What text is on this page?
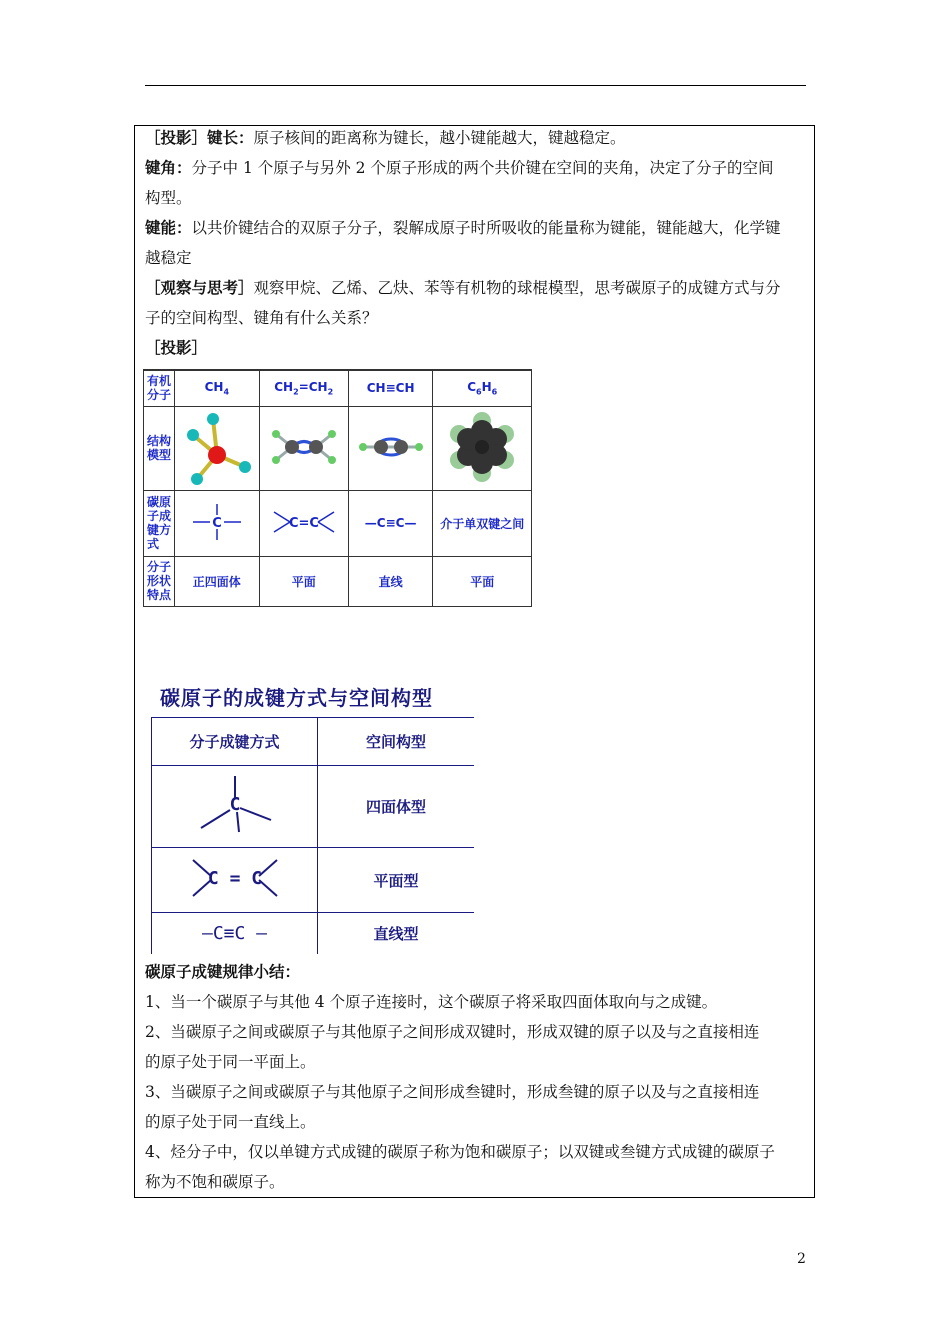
［投影］键长：原子核间的距离称为键长，越小键能越大，键越稳定。
键角：分子中 1 个原子与另外 2 个原子形成的两个共价键在空间的夹角，决定了分子的空间
构型。
键能：以共价键结合的双原子分子，裂解成原子时所吸收的能量称为键能，键能越大，化学键
越稳定
［观察与思考］观察甲烷、乙烯、乙炔、苯等有机物的球棍模型，思考碳原子的成键方式与分
子的空间构型、键角有什么关系？
［投影］
有机分子	$CH_4$	$CH_2=CH_2$	CH≡CH	$C_6H_6$
结构模型				
碳原子成键方式	C	C=C	—C≡C—	介于单双键之间
分子形状特点	正四面体	平面	直线	平面
碳原子的成键方式与空间构型
分子成键方式	空间构型

C	四面体型

C = C	平面型
—C≡C —	直线型
碳原子成键规律小结：
1、当一个碳原子与其他 4 个原子连接时，这个碳原子将采取四面体取向与之成键。
2、当碳原子之间或碳原子与其他原子之间形成双键时，形成双键的原子以及与之直接相连
的原子处于同一平面上。
3、当碳原子之间或碳原子与其他原子之间形成叁键时，形成叁键的原子以及与之直接相连
的原子处于同一直线上。
4、烃分子中，仅以单键方式成键的碳原子称为饱和碳原子；以双键或叁键方式成键的碳原子
称为不饱和碳原子。
2
